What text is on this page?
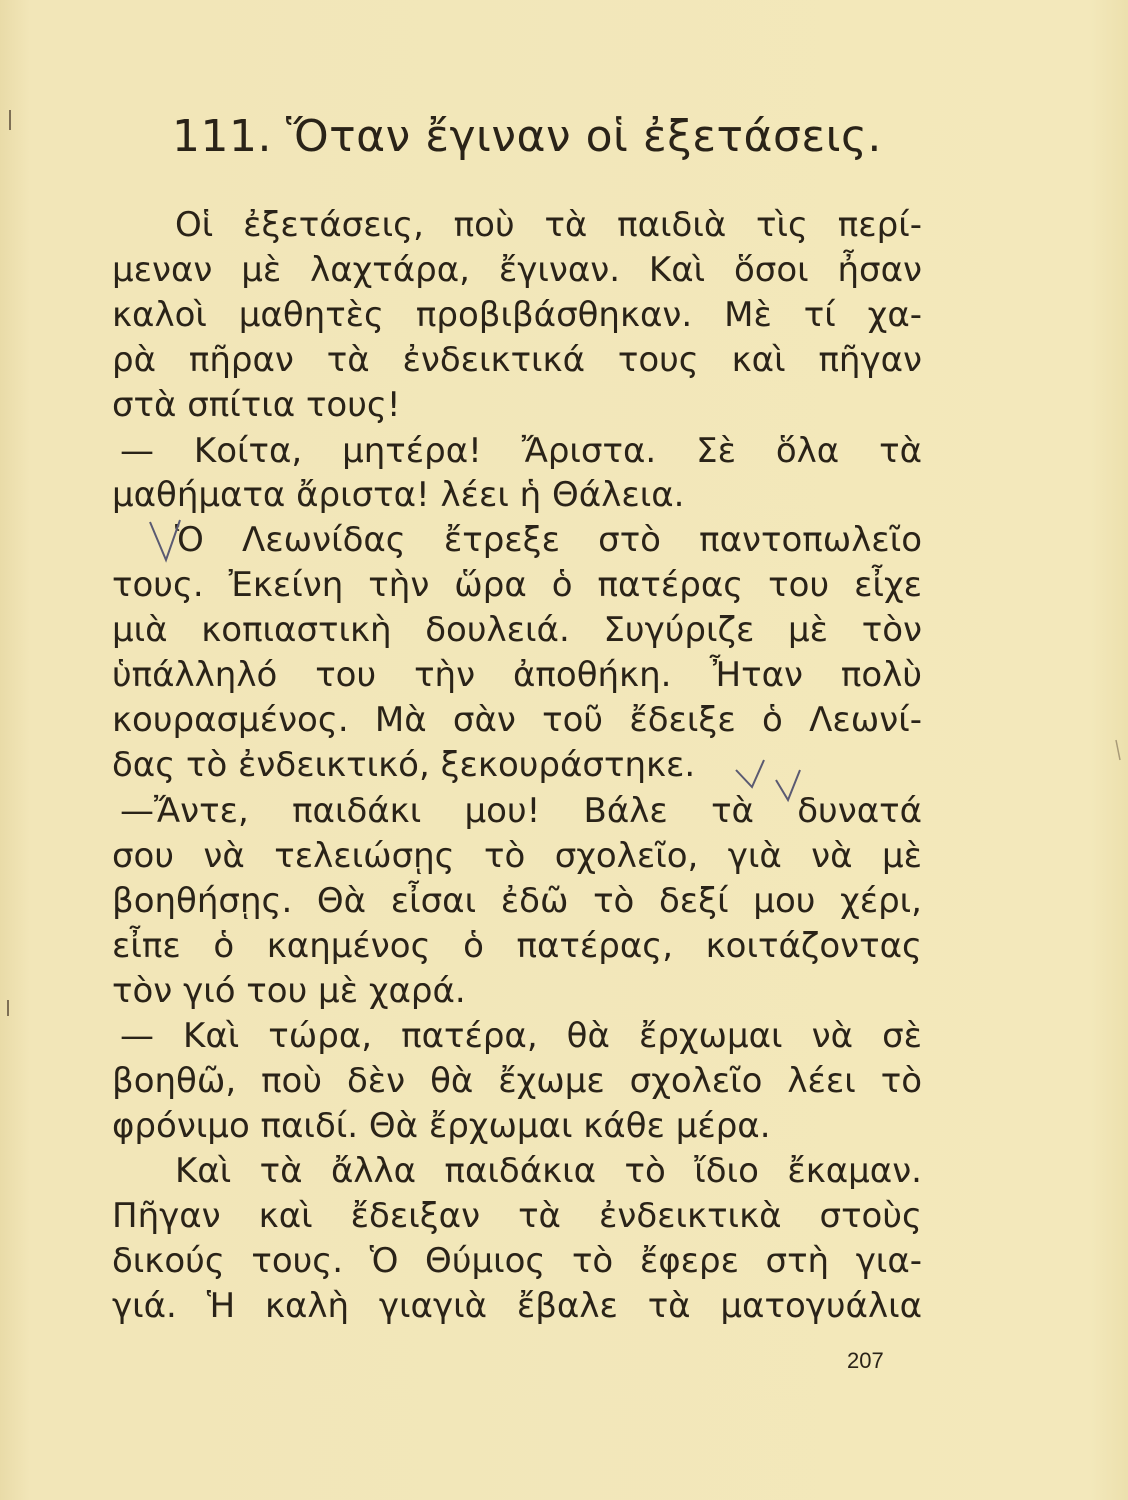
111. Ὅταν ἔγιναν οἱ ἐξετάσεις.
Οἱ ἐξετάσεις, ποὺ τὰ παιδιὰ τὶς περί-
μεναν μὲ λαχτάρα, ἔγιναν. Καὶ ὅσοι ἦσαν
καλοὶ μαθητὲς προβιβάσθηκαν. Μὲ τί χα-
ρὰ πῆραν τὰ ἐνδεικτικά τους καὶ πῆγαν
στὰ σπίτια τους!
— Κοίτα, μητέρα! Ἄριστα. Σὲ ὅλα τὰ
μαθήματα ἄριστα! λέει ἡ Θάλεια.
Ὁ Λεωνίδας ἔτρεξε στὸ παντοπωλεῖο
τους. Ἐκείνη τὴν ὥρα ὁ πατέρας του εἶχε
μιὰ κοπιαστικὴ δουλειά. Συγύριζε μὲ τὸν
ὑπάλληλό του τὴν ἀποθήκη. Ἦταν πολὺ
κουρασμένος. Μὰ σὰν τοῦ ἔδειξε ὁ Λεωνί-
δας τὸ ἐνδεικτικό, ξεκουράστηκε.
—Ἄντε, παιδάκι μου! Βάλε τὰ δυνατά
σου νὰ τελειώσῃς τὸ σχολεῖο, γιὰ νὰ μὲ
βοηθήσῃς. Θὰ εἶσαι ἐδῶ τὸ δεξί μου χέρι,
εἶπε ὁ καημένος ὁ πατέρας, κοιτάζοντας
τὸν γιό του μὲ χαρά.
— Καὶ τώρα, πατέρα, θὰ ἔρχωμαι νὰ σὲ
βοηθῶ, ποὺ δὲν θὰ ἔχωμε σχολεῖο λέει τὸ
φρόνιμο παιδί. Θὰ ἔρχωμαι κάθε μέρα.
Καὶ τὰ ἄλλα παιδάκια τὸ ἴδιο ἔκαμαν.
Πῆγαν καὶ ἔδειξαν τὰ ἐνδεικτικὰ στοὺς
δικούς τους. Ὁ Θύμιος τὸ ἔφερε στὴ για-
γιά. Ἡ καλὴ γιαγιὰ ἔβαλε τὰ ματογυάλια
207
